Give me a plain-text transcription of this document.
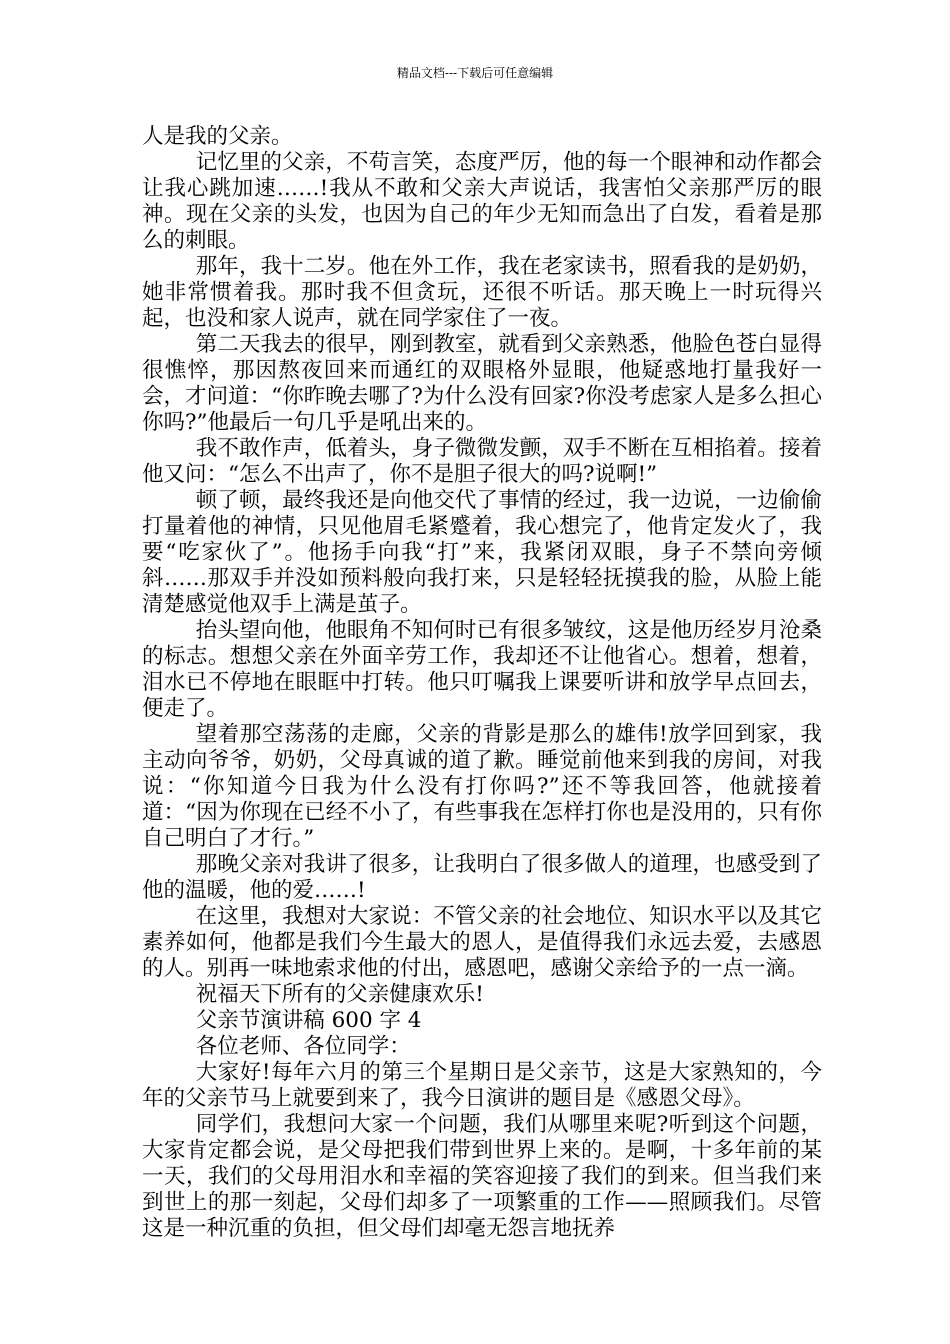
精品文档---下载后可任意编辑

人是我的父亲。

记忆里的父亲，不苟言笑，态度严厉，他的每一个眼神和动作都会让我心跳加速……!我从不敢和父亲大声说话，我害怕父亲那严厉的眼神。现在父亲的头发，也因为自己的年少无知而急出了白发，看着是那么的刺眼。

那年，我十二岁。他在外工作，我在老家读书，照看我的是奶奶，她非常惯着我。那时我不但贪玩，还很不听话。那天晚上一时玩得兴起，也没和家人说声，就在同学家住了一夜。

第二天我去的很早，刚到教室，就看到父亲熟悉，他脸色苍白显得很憔悴，那因熬夜回来而通红的双眼格外显眼，他疑惑地打量我好一会，才问道：“你昨晚去哪了?为什么没有回家?你没考虑家人是多么担心你吗?”他最后一句几乎是吼出来的。

我不敢作声，低着头，身子微微发颤，双手不断在互相掐着。接着他又问：“怎么不出声了，你不是胆子很大的吗?说啊!”

顿了顿，最终我还是向他交代了事情的经过，我一边说，一边偷偷打量着他的神情，只见他眉毛紧蹙着，我心想完了，他肯定发火了，我要“吃家伙了”。他扬手向我“打”来，我紧闭双眼，身子不禁向旁倾斜……那双手并没如预料般向我打来，只是轻轻抚摸我的脸，从脸上能清楚感觉他双手上满是茧子。

抬头望向他，他眼角不知何时已有很多皱纹，这是他历经岁月沧桑的标志。想想父亲在外面辛劳工作，我却还不让他省心。想着，想着，泪水已不停地在眼眶中打转。他只叮嘱我上课要听讲和放学早点回去，便走了。

望着那空荡荡的走廊，父亲的背影是那么的雄伟!放学回到家，我主动向爷爷，奶奶，父母真诚的道了歉。睡觉前他来到我的房间，对我说：“你知道今日我为什么没有打你吗?”还不等我回答，他就接着道：“因为你现在已经不小了，有些事我在怎样打你也是没用的，只有你自己明白了才行。”

那晚父亲对我讲了很多，让我明白了很多做人的道理，也感受到了他的温暖，他的爱……!

在这里，我想对大家说：不管父亲的社会地位、知识水平以及其它素养如何，他都是我们今生最大的恩人，是值得我们永远去爱，去感恩的人。别再一味地索求他的付出，感恩吧，感谢父亲给予的一点一滴。

祝福天下所有的父亲健康欢乐!

父亲节演讲稿 600 字 4

各位老师、各位同学：

大家好!每年六月的第三个星期日是父亲节，这是大家熟知的，今年的父亲节马上就要到来了，我今日演讲的题目是《感恩父母》。

同学们，我想问大家一个问题，我们从哪里来呢?听到这个问题，大家肯定都会说，是父母把我们带到世界上来的。是啊，十多年前的某一天，我们的父母用泪水和幸福的笑容迎接了我们的到来。但当我们来到世上的那一刻起，父母们却多了一项繁重的工作——照顾我们。尽管这是一种沉重的负担，但父母们却毫无怨言地抚养
